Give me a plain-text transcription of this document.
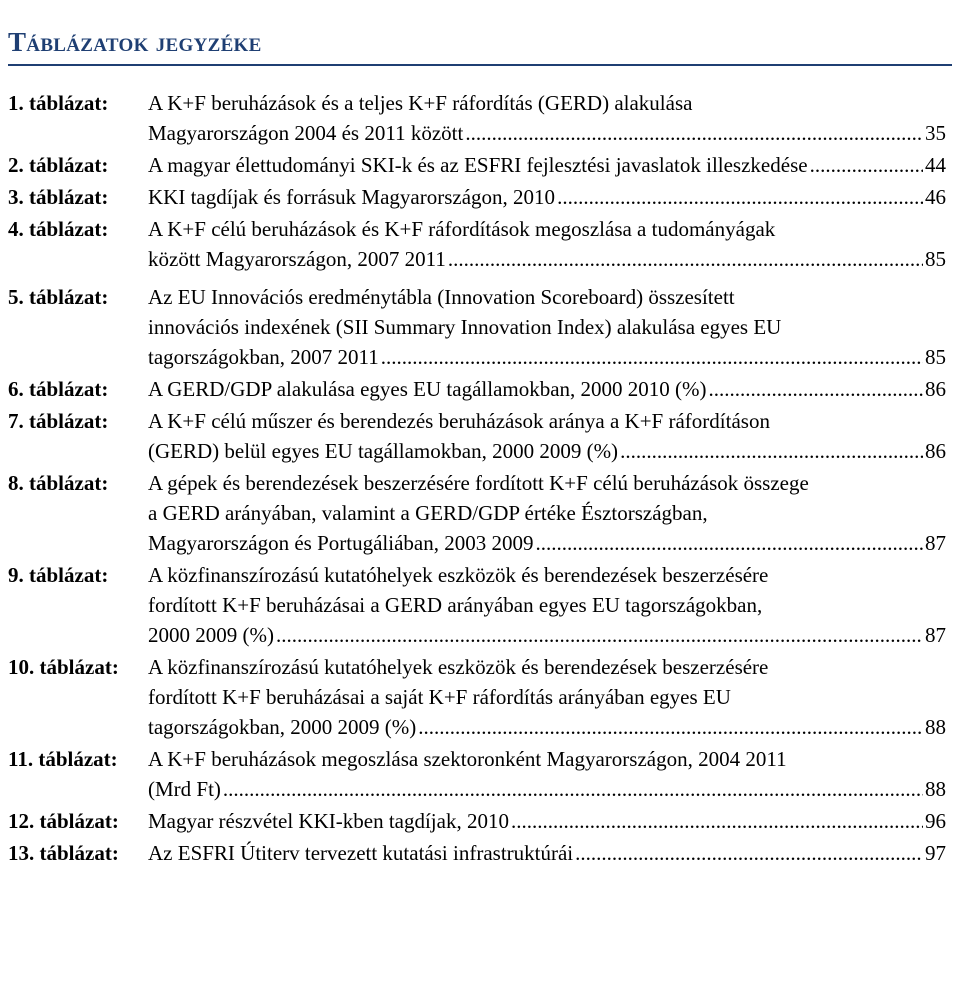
Táblázatok jegyzéke
1. táblázat: A K+F beruházások és a teljes K+F ráfordítás (GERD) alakulása
Magyarországon 2004 és 2011 között .....	35
2. táblázat: A magyar élettudományi SKI-k és az ESFRI fejlesztési javaslatok illeszkedése .....	44
3. táblázat: KKI tagdíjak és forrásuk Magyarországon, 2010 .....	46
4. táblázat: A K+F célú beruházások és K+F ráfordítások megoszlása a tudományágak
között Magyarországon, 2007 2011 .....	85
5. táblázat: Az EU Innovációs eredménytábla (Innovation Scoreboard) összesített
innovációs indexének (SII Summary Innovation Index) alakulása egyes EU
tagországokban, 2007 2011 .....	85
6. táblázat: A GERD/GDP alakulása egyes EU tagállamokban, 2000 2010 (%) .....	86
7. táblázat: A K+F célú műszer és berendezés beruházások aránya a K+F ráfordításon
(GERD) belül egyes EU tagállamokban, 2000 2009 (%) .....	86
8. táblázat: A gépek és berendezések beszerzésére fordított K+F célú beruházások összege
a GERD arányában, valamint a GERD/GDP értéke Észtországban,
Magyarországon és Portugáliában, 2003 2009 .....	87
9. táblázat: A közfinanszírozású kutatóhelyek eszközök és berendezések beszerzésére
fordított K+F beruházásai a GERD arányában egyes EU tagországokban,
2000 2009 (%) .....	87
10. táblázat: A közfinanszírozású kutatóhelyek eszközök és berendezések beszerzésére
fordított K+F beruházásai a saját K+F ráfordítás arányában egyes EU
tagországokban, 2000 2009 (%) .....	88
11. táblázat: A K+F beruházások megoszlása szektoronként Magyarországon, 2004 2011
(Mrd Ft) .....	88
12. táblázat: Magyar részvétel KKI-kben tagdíjak, 2010 .....	96
13. táblázat: Az ESFRI Útiterv tervezett kutatási infrastruktúrái .....	97
